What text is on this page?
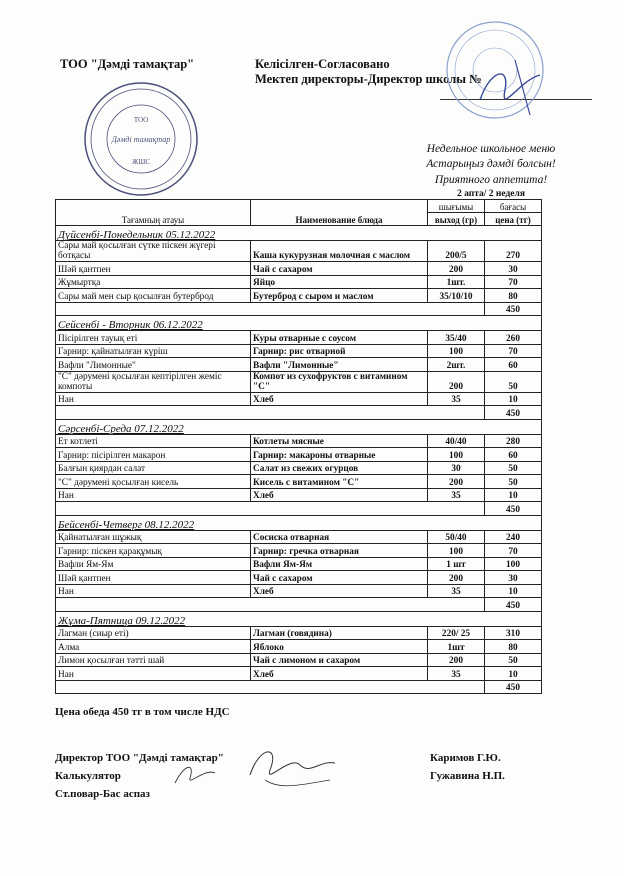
ТОО "Дәмді тамақтар"	Келісілген-Согласовано
Мектеп директоры-Директор школы №
ТОО
Дәмді тамақтар
ЖШС
Недельное школьное меню
Астарыңыз дәмді болсын!
Приятного аппетита!
2 апта/ 2 неделя
Тағамның атауы	Наименование блюда	шығымы	бағасы
		выход (гр)	цена (тг)
Дүйсенбі-Понедельник 05.12.2022			
Сары май қосылған сүтке піскен жүгері ботқасы	Каша кукурузная молочная с маслом	200/5	270
Шәй қантпен	Чай с сахаром	200	30
Жұмыртқа	Яйцо	1шт.	70
Сары май мен сыр қосылған бутерброд	Бутерброд с сыром и маслом	35/10/10	80
			450
Сейсенбі - Вторник 06.12.2022			
Пісірілген тауық еті	Куры отварные с соусом	35/40	260
Гарнир: қайнатылған күріш	Гарнир: рис отварной	100	70
Вафли "Лимонные"	Вафли "Лимонные"	2шт.	60
"С" дәрумені қосылған кептірілген жеміс компоты	Компот из сухофруктов с витамином "С"	200	50
Нан	Хлеб	35	10
			450
Сәрсенбі-Среда 07.12.2022			
Ет котлеті	Котлеты мясные	40/40	280
Гарнир: пісірілген макарон	Гарнир: макароны отварные	100	60
Балғын қиярдан салат	Салат из свежих огурцов	30	50
"С" дәрумені қосылған кисель	Кисель с витамином "С"	200	50
Нан	Хлеб	35	10
			450
Бейсенбі-Четверг 08.12.2022			
Қайнатылған шұжық	Сосиска отварная	50/40	240
Гарнир: піскен қарақұмық	Гарнир: гречка отварная	100	70
Вафли Ям-Ям	Вафли Ям-Ям	1 шт	100
Шәй қантпен	Чай с сахаром	200	30
Нан	Хлеб	35	10
			450
Жұма-Пятница 09.12.2022			
Лагман (сиыр еті)	Лагман (говядина)	220/ 25	310
Алма	Яблоко	1шт	80
Лимон қосылған тәтті шай	Чай с лимоном и сахаром	200	50
Нан	Хлеб	35	10
			450
Цена обеда 450 тг в том числе НДС
Директор ТОО "Дәмді тамақтар"
Калькулятор
Ст.повар-Бас аспаз
Каримов Г.Ю.
Гужавина Н.П.
